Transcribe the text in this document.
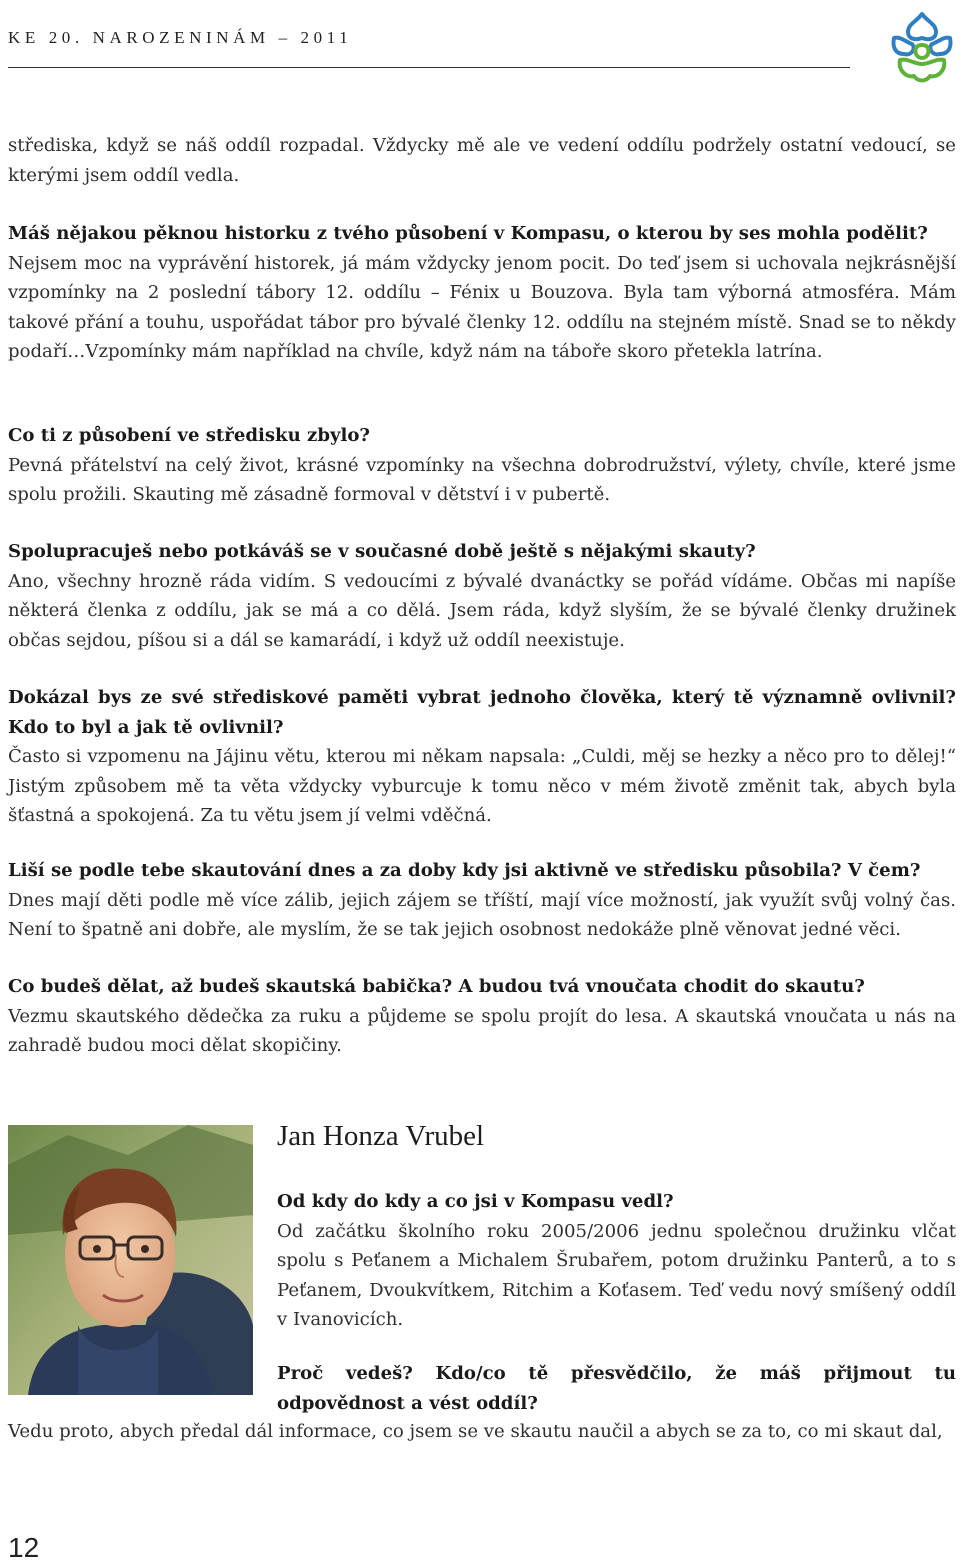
KE 20. NAROZENINÁM – 2011

střediska, když se náš oddíl rozpadal. Vždycky mě ale ve vedení oddílu podržely ostatní vedoucí, se kterými jsem oddíl vedla.

Máš nějakou pěknou historku z tvého působení v Kompasu, o kterou by ses mohla podělit?

Nejsem moc na vyprávění historek, já mám vždycky jenom pocit. Do teď jsem si uchovala nejkrásnější vzpomínky na 2 poslední tábory 12. oddílu – Fénix u Bouzova. Byla tam výborná atmosféra. Mám takové přání a touhu, uspořádat tábor pro bývalé členky 12. oddílu na stejném místě. Snad se to někdy podaří…Vzpomínky mám například na chvíle, když nám na táboře skoro přetekla latrína.

Co ti z působení ve středisku zbylo?

Pevná přátelství na celý život, krásné vzpomínky na všechna dobrodružství, výlety, chvíle, které jsme spolu prožili. Skauting mě zásadně formoval v dětství i v pubertě.

Spolupracuješ nebo potkáváš se v současné době ještě s nějakými skauty?

Ano, všechny hrozně ráda vidím. S vedoucími z bývalé dvanáctky se pořád vídáme. Občas mi napíše některá členka z oddílu, jak se má a co dělá. Jsem ráda, když slyším, že se bývalé členky družinek občas sejdou, píšou si a dál se kamarádí, i když už oddíl neexistuje.

Dokázal bys ze své střediskové paměti vybrat jednoho člověka, který tě významně ovlivnil? Kdo to byl a jak tě ovlivnil?

Často si vzpomenu na Jájinu větu, kterou mi někam napsala: „Culdi, měj se hezky a něco pro to dělej!“ Jistým způsobem mě ta věta vždycky vyburcuje k tomu něco v mém životě změnit tak, abych byla šťastná a spokojená. Za tu větu jsem jí velmi vděčná.

Liší se podle tebe skautování dnes a za doby kdy jsi aktivně ve středisku působila? V čem?

Dnes mají děti podle mě více zálib, jejich zájem se tříští, mají více možností, jak využít svůj volný čas. Není to špatně ani dobře, ale myslím, že se tak jejich osobnost nedokáže plně věnovat jedné věci.

Co budeš dělat, až budeš skautská babička? A budou tvá vnoučata chodit do skautu?

Vezmu skautského dědečka za ruku a půjdeme se spolu projít do lesa. A skautská vnoučata u nás na zahradě budou moci dělat skopičiny.

Jan Honza Vrubel

Od kdy do kdy a co jsi v Kompasu vedl?

Od začátku školního roku 2005/2006 jednu společnou družinku vlčat spolu s Peťanem a Michalem Šrubařem, potom družinku Panterů, a to s Peťanem, Dvoukvítkem, Ritchim a Koťasem. Teď vedu nový smíšený oddíl v Ivanovicích.

Proč vedeš? Kdo/co tě přesvědčilo, že máš přijmout tu odpovědnost a vést oddíl?

Vedu proto, abych předal dál informace, co jsem se ve skautu naučil a abych se za to, co mi skaut dal,

12
